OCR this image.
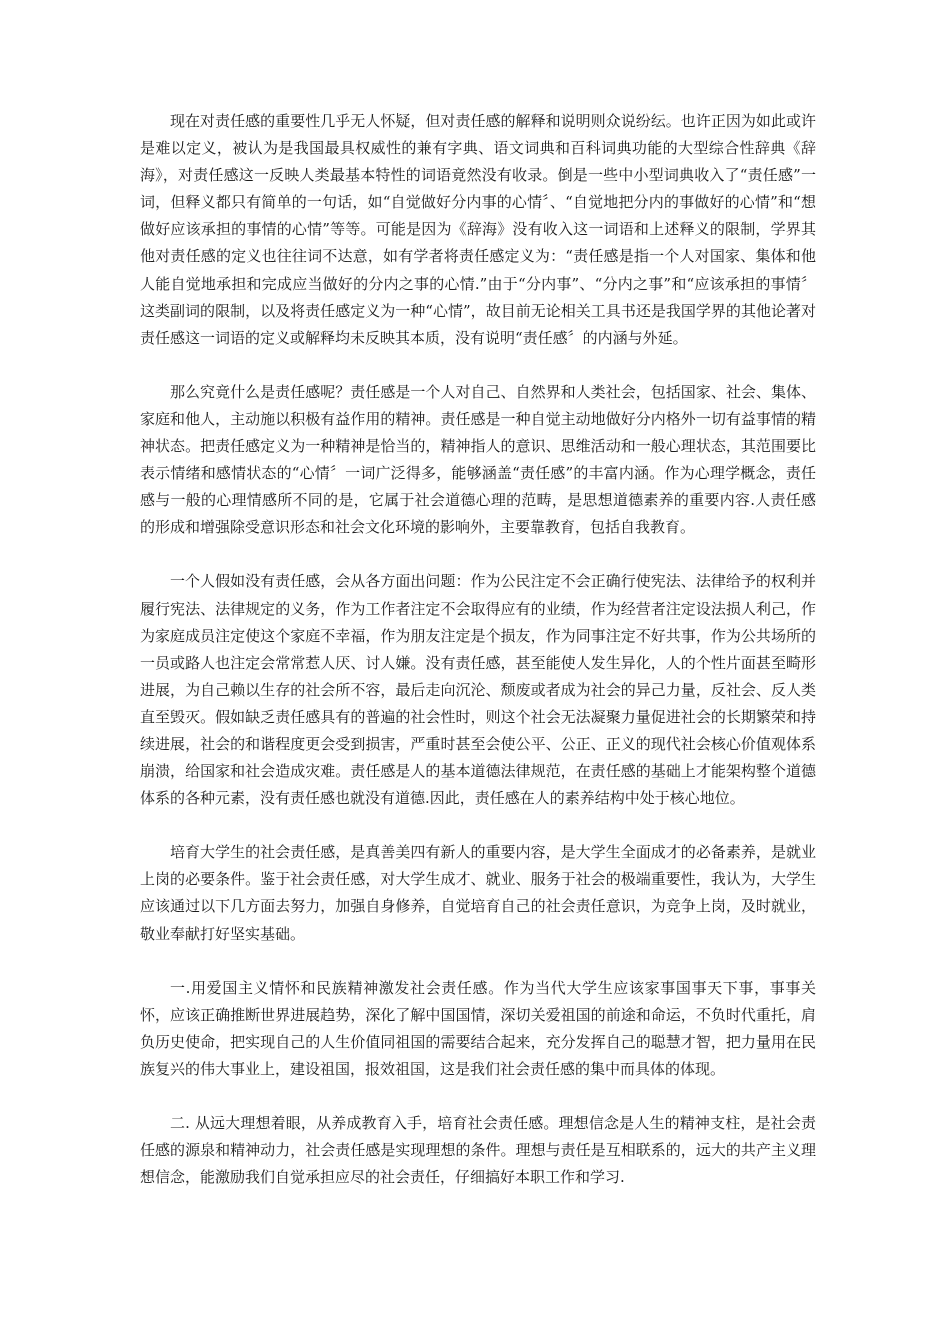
现在对责任感的重要性几乎无人怀疑，但对责任感的解释和说明则众说纷纭。也许正因为如此或许是难以定义，被认为是我国最具权威性的兼有字典、语文词典和百科词典功能的大型综合性辞典《辞海》，对责任感这一反映人类最基本特性的词语竟然没有收录。倒是一些中小型词典收入了“责任感”一词，但释义都只有简单的一句话，如“自觉做好分内事的心情〞、“自觉地把分内的事做好的心情”和“想做好应该承担的事情的心情”等等。可能是因为《辞海》没有收入这一词语和上述释义的限制，学界其他对责任感的定义也往往词不达意，如有学者将责任感定义为：“责任感是指一个人对国家、集体和他人能自觉地承担和完成应当做好的分内之事的心情.”由于“分内事”、“分内之事”和“应该承担的事情〞这类副词的限制，以及将责任感定义为一种“心情”，故目前无论相关工具书还是我国学界的其他论著对责任感这一词语的定义或解释均未反映其本质，没有说明“责任感〞的内涵与外延。

那么究竟什么是责任感呢？责任感是一个人对自己、自然界和人类社会，包括国家、社会、集体、家庭和他人，主动施以积极有益作用的精神。责任感是一种自觉主动地做好分内格外一切有益事情的精神状态。把责任感定义为一种精神是恰当的，精神指人的意识、思维活动和一般心理状态，其范围要比表示情绪和感情状态的“心情〞一词广泛得多，能够涵盖“责任感”的丰富内涵。作为心理学概念，责任感与一般的心理情感所不同的是，它属于社会道德心理的范畴，是思想道德素养的重要内容.人责任感的形成和增强除受意识形态和社会文化环境的影响外，主要靠教育，包括自我教育。

一个人假如没有责任感，会从各方面出问题：作为公民注定不会正确行使宪法、法律给予的权利并履行宪法、法律规定的义务，作为工作者注定不会取得应有的业绩，作为经营者注定设法损人利己，作为家庭成员注定使这个家庭不幸福，作为朋友注定是个损友，作为同事注定不好共事，作为公共场所的一员或路人也注定会常常惹人厌、讨人嫌。没有责任感，甚至能使人发生异化，人的个性片面甚至畸形进展，为自己赖以生存的社会所不容，最后走向沉沦、颓废或者成为社会的异己力量，反社会、反人类直至毁灭。假如缺乏责任感具有的普遍的社会性时，则这个社会无法凝聚力量促进社会的长期繁荣和持续进展，社会的和谐程度更会受到损害，严重时甚至会使公平、公正、正义的现代社会核心价值观体系崩溃，给国家和社会造成灾难。责任感是人的基本道德法律规范，在责任感的基础上才能架构整个道德体系的各种元素，没有责任感也就没有道德.因此，责任感在人的素养结构中处于核心地位。

培育大学生的社会责任感，是真善美四有新人的重要内容，是大学生全面成才的必备素养，是就业上岗的必要条件。鉴于社会责任感，对大学生成才、就业、服务于社会的极端重要性，我认为，大学生应该通过以下几方面去努力，加强自身修养，自觉培育自己的社会责任意识，为竞争上岗，及时就业，敬业奉献打好坚实基础。

一.用爱国主义情怀和民族精神激发社会责任感。作为当代大学生应该家事国事天下事，事事关怀，应该正确推断世界进展趋势，深化了解中国国情，深切关爱祖国的前途和命运，不负时代重托，肩负历史使命，把实现自己的人生价值同祖国的需要结合起来，充分发挥自己的聪慧才智，把力量用在民族复兴的伟大事业上，建设祖国，报效祖国，这是我们社会责任感的集中而具体的体现。

二. 从远大理想着眼，从养成教育入手，培育社会责任感。理想信念是人生的精神支柱，是社会责任感的源泉和精神动力，社会责任感是实现理想的条件。理想与责任是互相联系的，远大的共产主义理想信念，能激励我们自觉承担应尽的社会责任，仔细搞好本职工作和学习.
